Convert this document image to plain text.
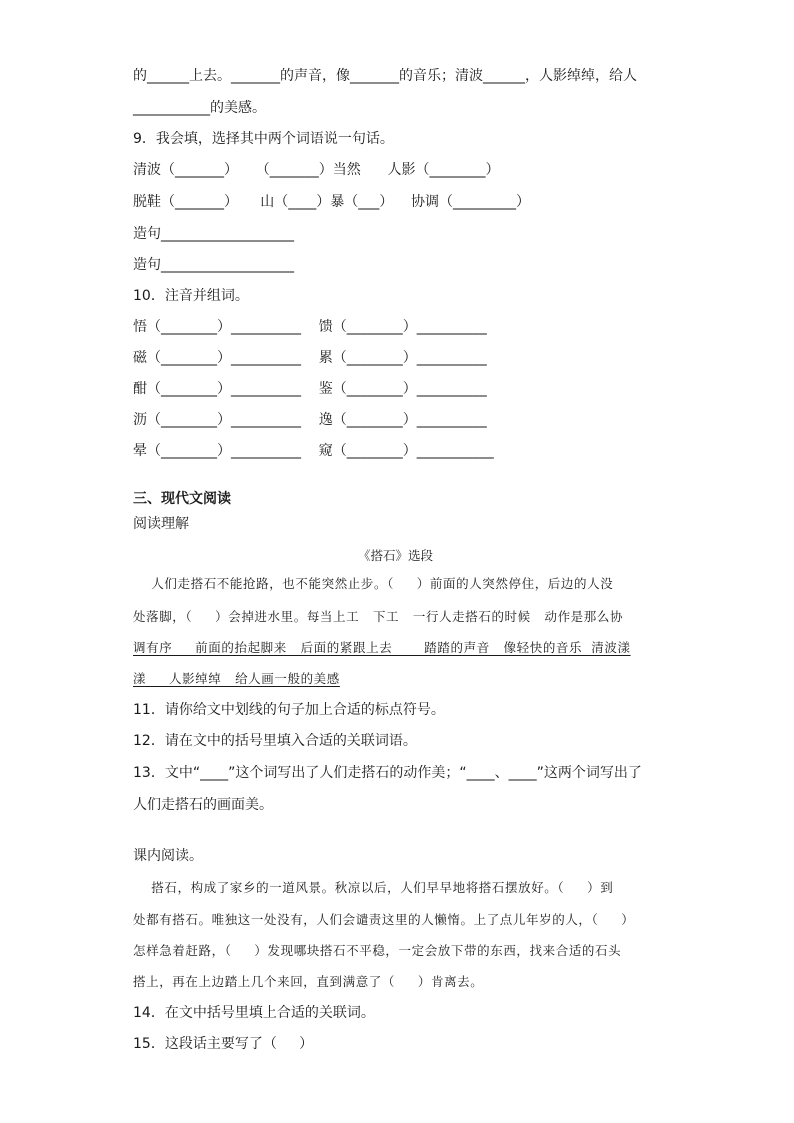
的______上去。_______的声音，像_______的音乐；清波______，人影绰绰，给人
___________的美感。
9．我会填，选择其中两个词语说一句话。
清波（_______）    （_______）当然      人影（________）
脱鞋（_______）     山（____）暴（___）    协调（_________）
造句___________________
造句___________________
10．注音并组词。
悟（________）__________    馈（________）__________
磁（________）__________    累（________）__________
酣（________）__________    鉴（________）__________
沥（________）__________    逸（________）__________
晕（________）__________    窥（________）___________
三、现代文阅读
阅读理解
《搭石》选段
人们走搭石不能抢路，也不能突然止步。（     ）前面的人突然停住，后边的人没
处落脚，（     ）会掉进水里。每当上工   下工   一行人走搭石的时候   动作是那么协
调有序     前面的抬起脚来   后面的紧跟上去       踏踏的声音   像轻快的音乐  清波漾
漾     人影绰绰   给人画一般的美感
11．请你给文中划线的句子加上合适的标点符号。
12．请在文中的括号里填入合适的关联词语。
13．文中“____”这个词写出了人们走搭石的动作美；“____、____”这两个词写出了
人们走搭石的画面美。
课内阅读。
搭石，构成了家乡的一道风景。秋凉以后，人们早早地将搭石摆放好。（     ）到
处都有搭石。唯独这一处没有，人们会谴责这里的人懒惰。上了点儿年岁的人，（     ）
怎样急着赶路，（     ）发现哪块搭石不平稳，一定会放下带的东西，找来合适的石头
搭上，再在上边踏上几个来回，直到满意了（     ）肯离去。
14．在文中括号里填上合适的关联词。
15．这段话主要写了（     ）
